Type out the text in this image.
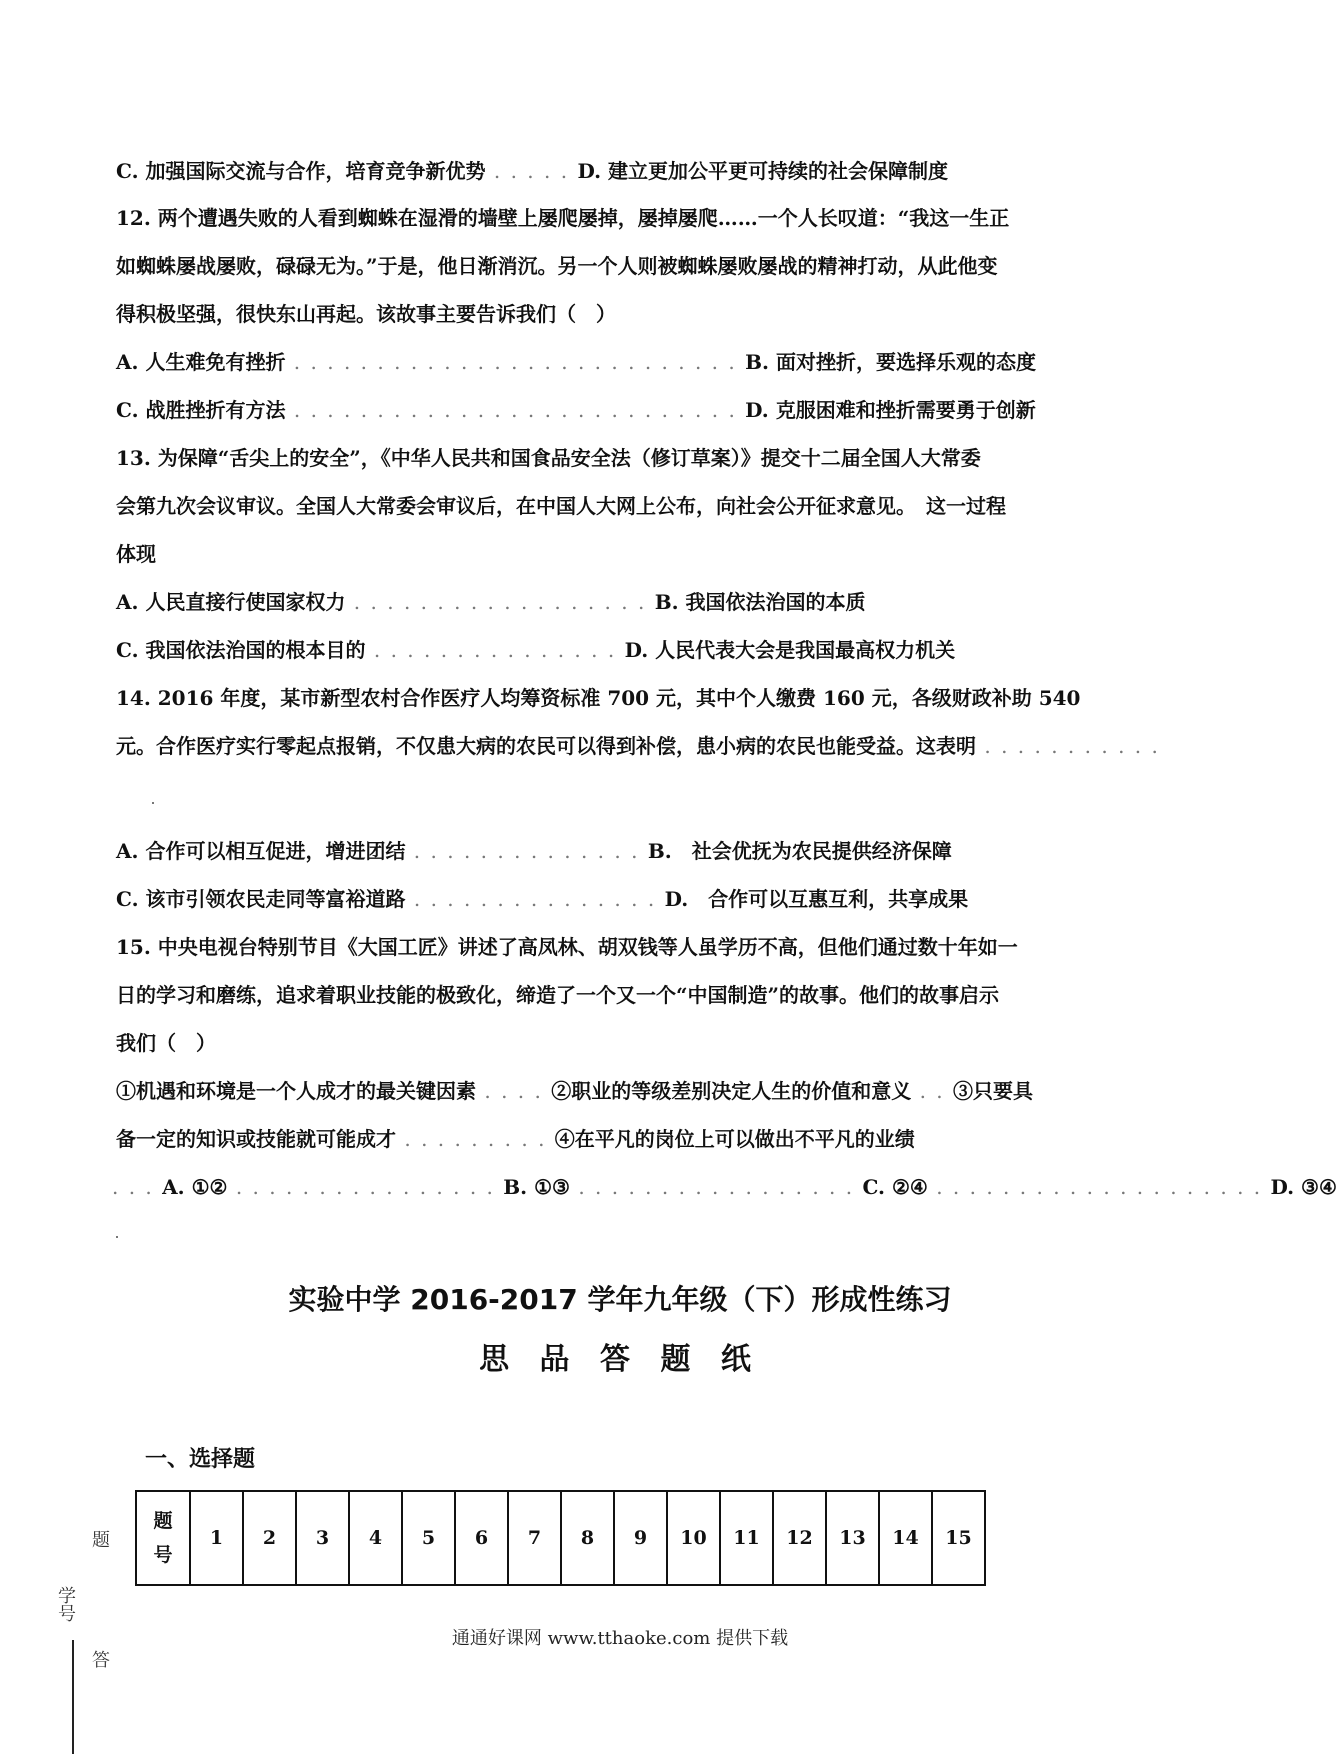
C. 加强国际交流与合作，培育竞争新优势 . . . . . D. 建立更加公平更可持续的社会保障制度
12. 两个遭遇失败的人看到蜘蛛在湿滑的墙壁上屡爬屡掉，屡掉屡爬……一个人长叹道：“我这一生正
如蜘蛛屡战屡败，碌碌无为。”于是，他日渐消沉。另一个人则被蜘蛛屡败屡战的精神打动，从此他变
得积极坚强，很快东山再起。该故事主要告诉我们（　）
A. 人生难免有挫折 . . . . . . . . . . . . . . . . . . . . . . . . . . . B. 面对挫折，要选择乐观的态度
C. 战胜挫折有方法 . . . . . . . . . . . . . . . . . . . . . . . . . . . D. 克服困难和挫折需要勇于创新
13. 为保障“舌尖上的安全”，《中华人民共和国食品安全法（修订草案）》提交十二届全国人大常委
会第九次会议审议。全国人大常委会审议后，在中国人大网上公布，向社会公开征求意见。　这一过程
体现
A. 人民直接行使国家权力 . . . . . . . . . . . . . . . . . . B. 我国依法治国的本质
C. 我国依法治国的根本目的 . . . . . . . . . . . . . . . D. 人民代表大会是我国最高权力机关
14. 2016 年度，某市新型农村合作医疗人均筹资标准 700 元，其中个人缴费 160 元，各级财政补助 540
元。合作医疗实行零起点报销，不仅患大病的农民可以得到补偿，患小病的农民也能受益。这表明 . . . . . . . . . . .
A. 合作可以相互促进，增进团结 . . . . . . . . . . . . . . B.　社会优抚为农民提供经济保障
C. 该市引领农民走同等富裕道路 . . . . . . . . . . . . . . . D.　合作可以互惠互利，共享成果
15. 中央电视台特别节目《大国工匠》讲述了高凤林、胡双钱等人虽学历不高，但他们通过数十年如一
日的学习和磨练，追求着职业技能的极致化，缔造了一个又一个“中国制造”的故事。他们的故事启示
我们（　）
①机遇和环境是一个人成才的最关键因素 . . . . ②职业的等级差别决定人生的价值和意义 . . ③只要具
备一定的知识或技能就可能成才 . . . . . . . . . ④在平凡的岗位上可以做出不平凡的业绩
. . . A. ①② . . . . . . . . . . . . . . . . B. ①③ . . . . . . . . . . . . . . . . . C. ②④ . . . . . . . . . . . . . . . . . . . . D. ③④
实验中学 2016-2017 学年九年级（下）形成性练习
思 品 答 题 纸
一、选择题
题号	1	2	3	4	5	6	7	8	9	10	11	12	13	14	15
题
学号
答
通通好课网 www.tthaoke.com 提供下载
